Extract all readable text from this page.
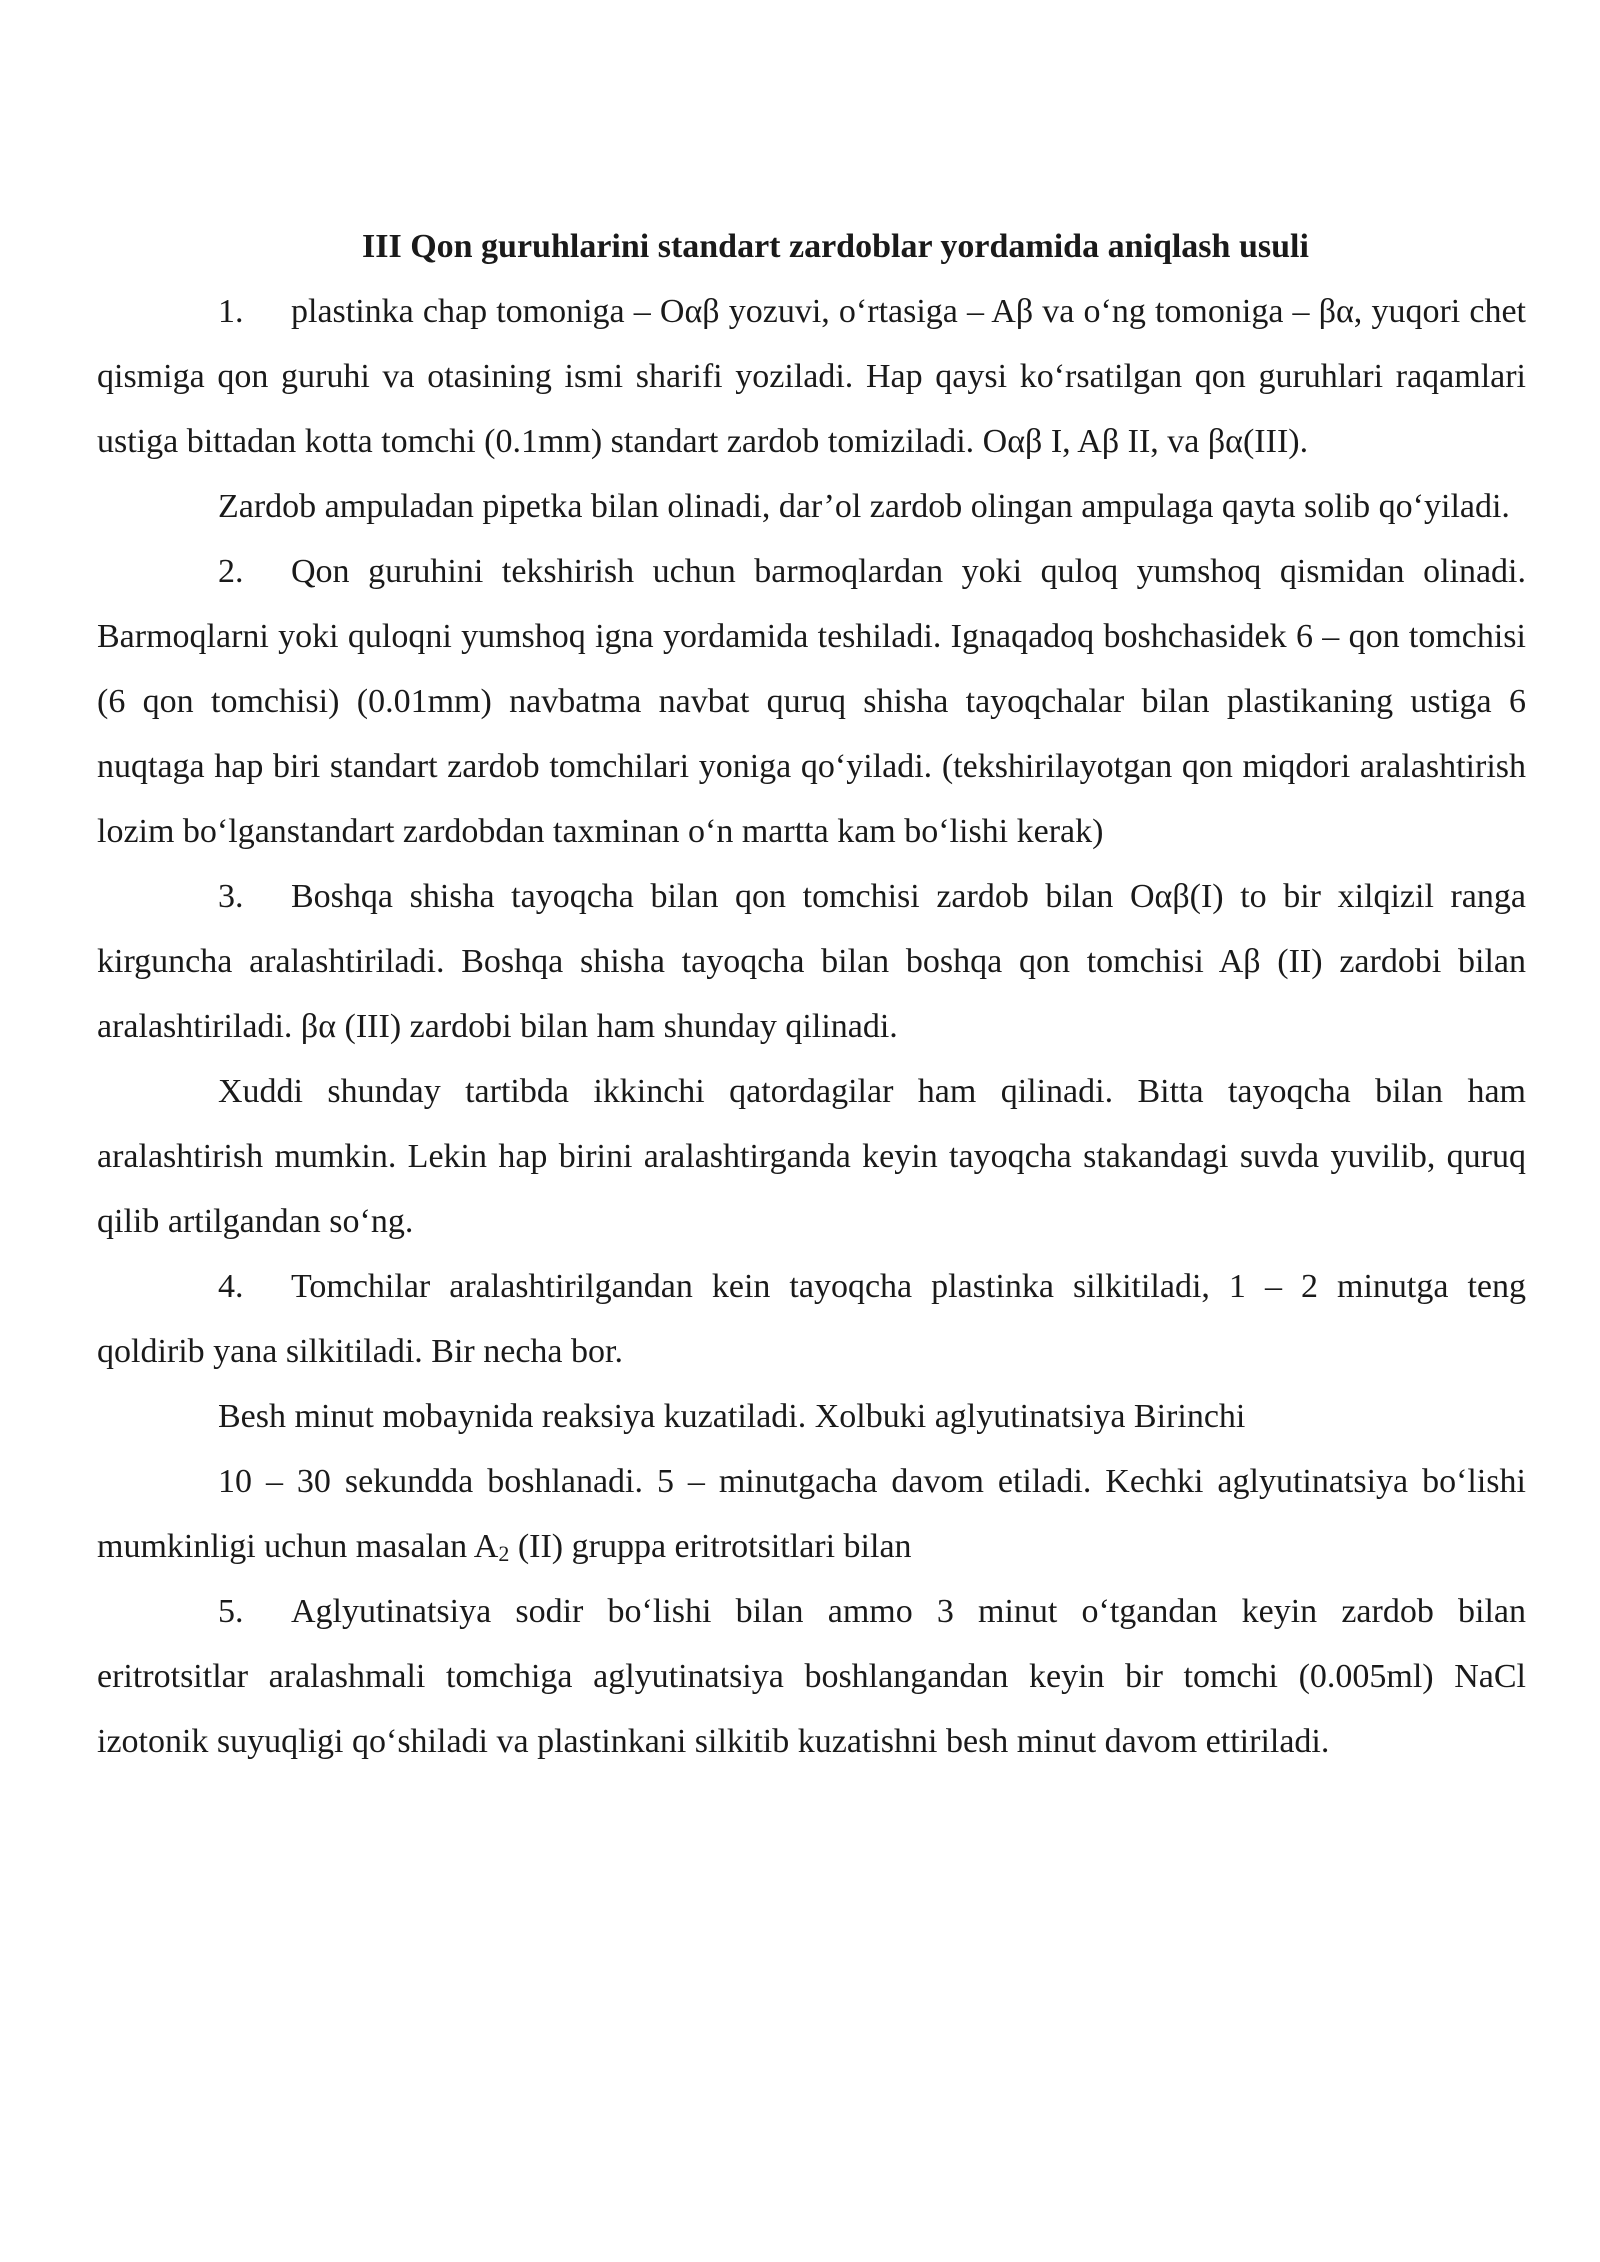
III Qon guruhlarini standart zardoblar yordamida aniqlash usuli

1. plastinka chap tomoniga – Oαβ yozuvi, o‘rtasiga – Aβ va o‘ng tomoniga – βα, yuqori chet qismiga qon guruhi va otasining ismi sharifi yoziladi. Hap qaysi ko‘rsatilgan qon guruhlari raqamlari ustiga bittadan kotta tomchi (0.1mm) standart zardob tomiziladi. Oαβ I, Aβ II, va βα(III).

Zardob ampuladan pipetka bilan olinadi, dar’ol zardob olingan ampulaga qayta solib qo‘yiladi.

2. Qon guruhini tekshirish uchun barmoqlardan yoki quloq yumshoq qismidan olinadi. Barmoqlarni yoki quloqni yumshoq igna yordamida teshiladi. Ignaqadoq boshchasidek 6 – qon tomchisi (6 qon tomchisi) (0.01mm) navbatma navbat quruq shisha tayoqchalar bilan plastikaning ustiga 6 nuqtaga hap biri standart zardob tomchilari yoniga qo‘yiladi. (tekshirilayotgan qon miqdori aralashtirish lozim bo‘lganstandart zardobdan taxminan o‘n martta kam bo‘lishi kerak)

3. Boshqa shisha tayoqcha bilan qon tomchisi zardob bilan Oαβ(I) to bir xilqizil ranga kirguncha aralashtiriladi. Boshqa shisha tayoqcha bilan boshqa qon tomchisi Aβ (II) zardobi bilan aralashtiriladi. βα (III) zardobi bilan ham shunday qilinadi.

Xuddi shunday tartibda ikkinchi qatordagilar ham qilinadi. Bitta tayoqcha bilan ham aralashtirish mumkin. Lekin hap birini aralashtirganda keyin tayoqcha stakandagi suvda yuvilib, quruq qilib artilgandan so‘ng.

4. Tomchilar aralashtirilgandan kein tayoqcha plastinka silkitiladi, 1 – 2 minutga teng qoldirib yana silkitiladi. Bir necha bor.

Besh minut mobaynida reaksiya kuzatiladi. Xolbuki aglyutinatsiya Birinchi

10 – 30 sekundda boshlanadi. 5 – minutgacha davom etiladi. Kechki aglyutinatsiya bo‘lishi mumkinligi uchun masalan $A_2$ (II) gruppa eritrotsitlari bilan

5. Aglyutinatsiya sodir bo‘lishi bilan ammo 3 minut o‘tgandan keyin zardob bilan eritrotsitlar aralashmali tomchiga aglyutinatsiya boshlangandan keyin bir tomchi (0.005ml) NaCl izotonik suyuqligi qo‘shiladi va plastinkani silkitib kuzatishni besh minut davom ettiriladi.
